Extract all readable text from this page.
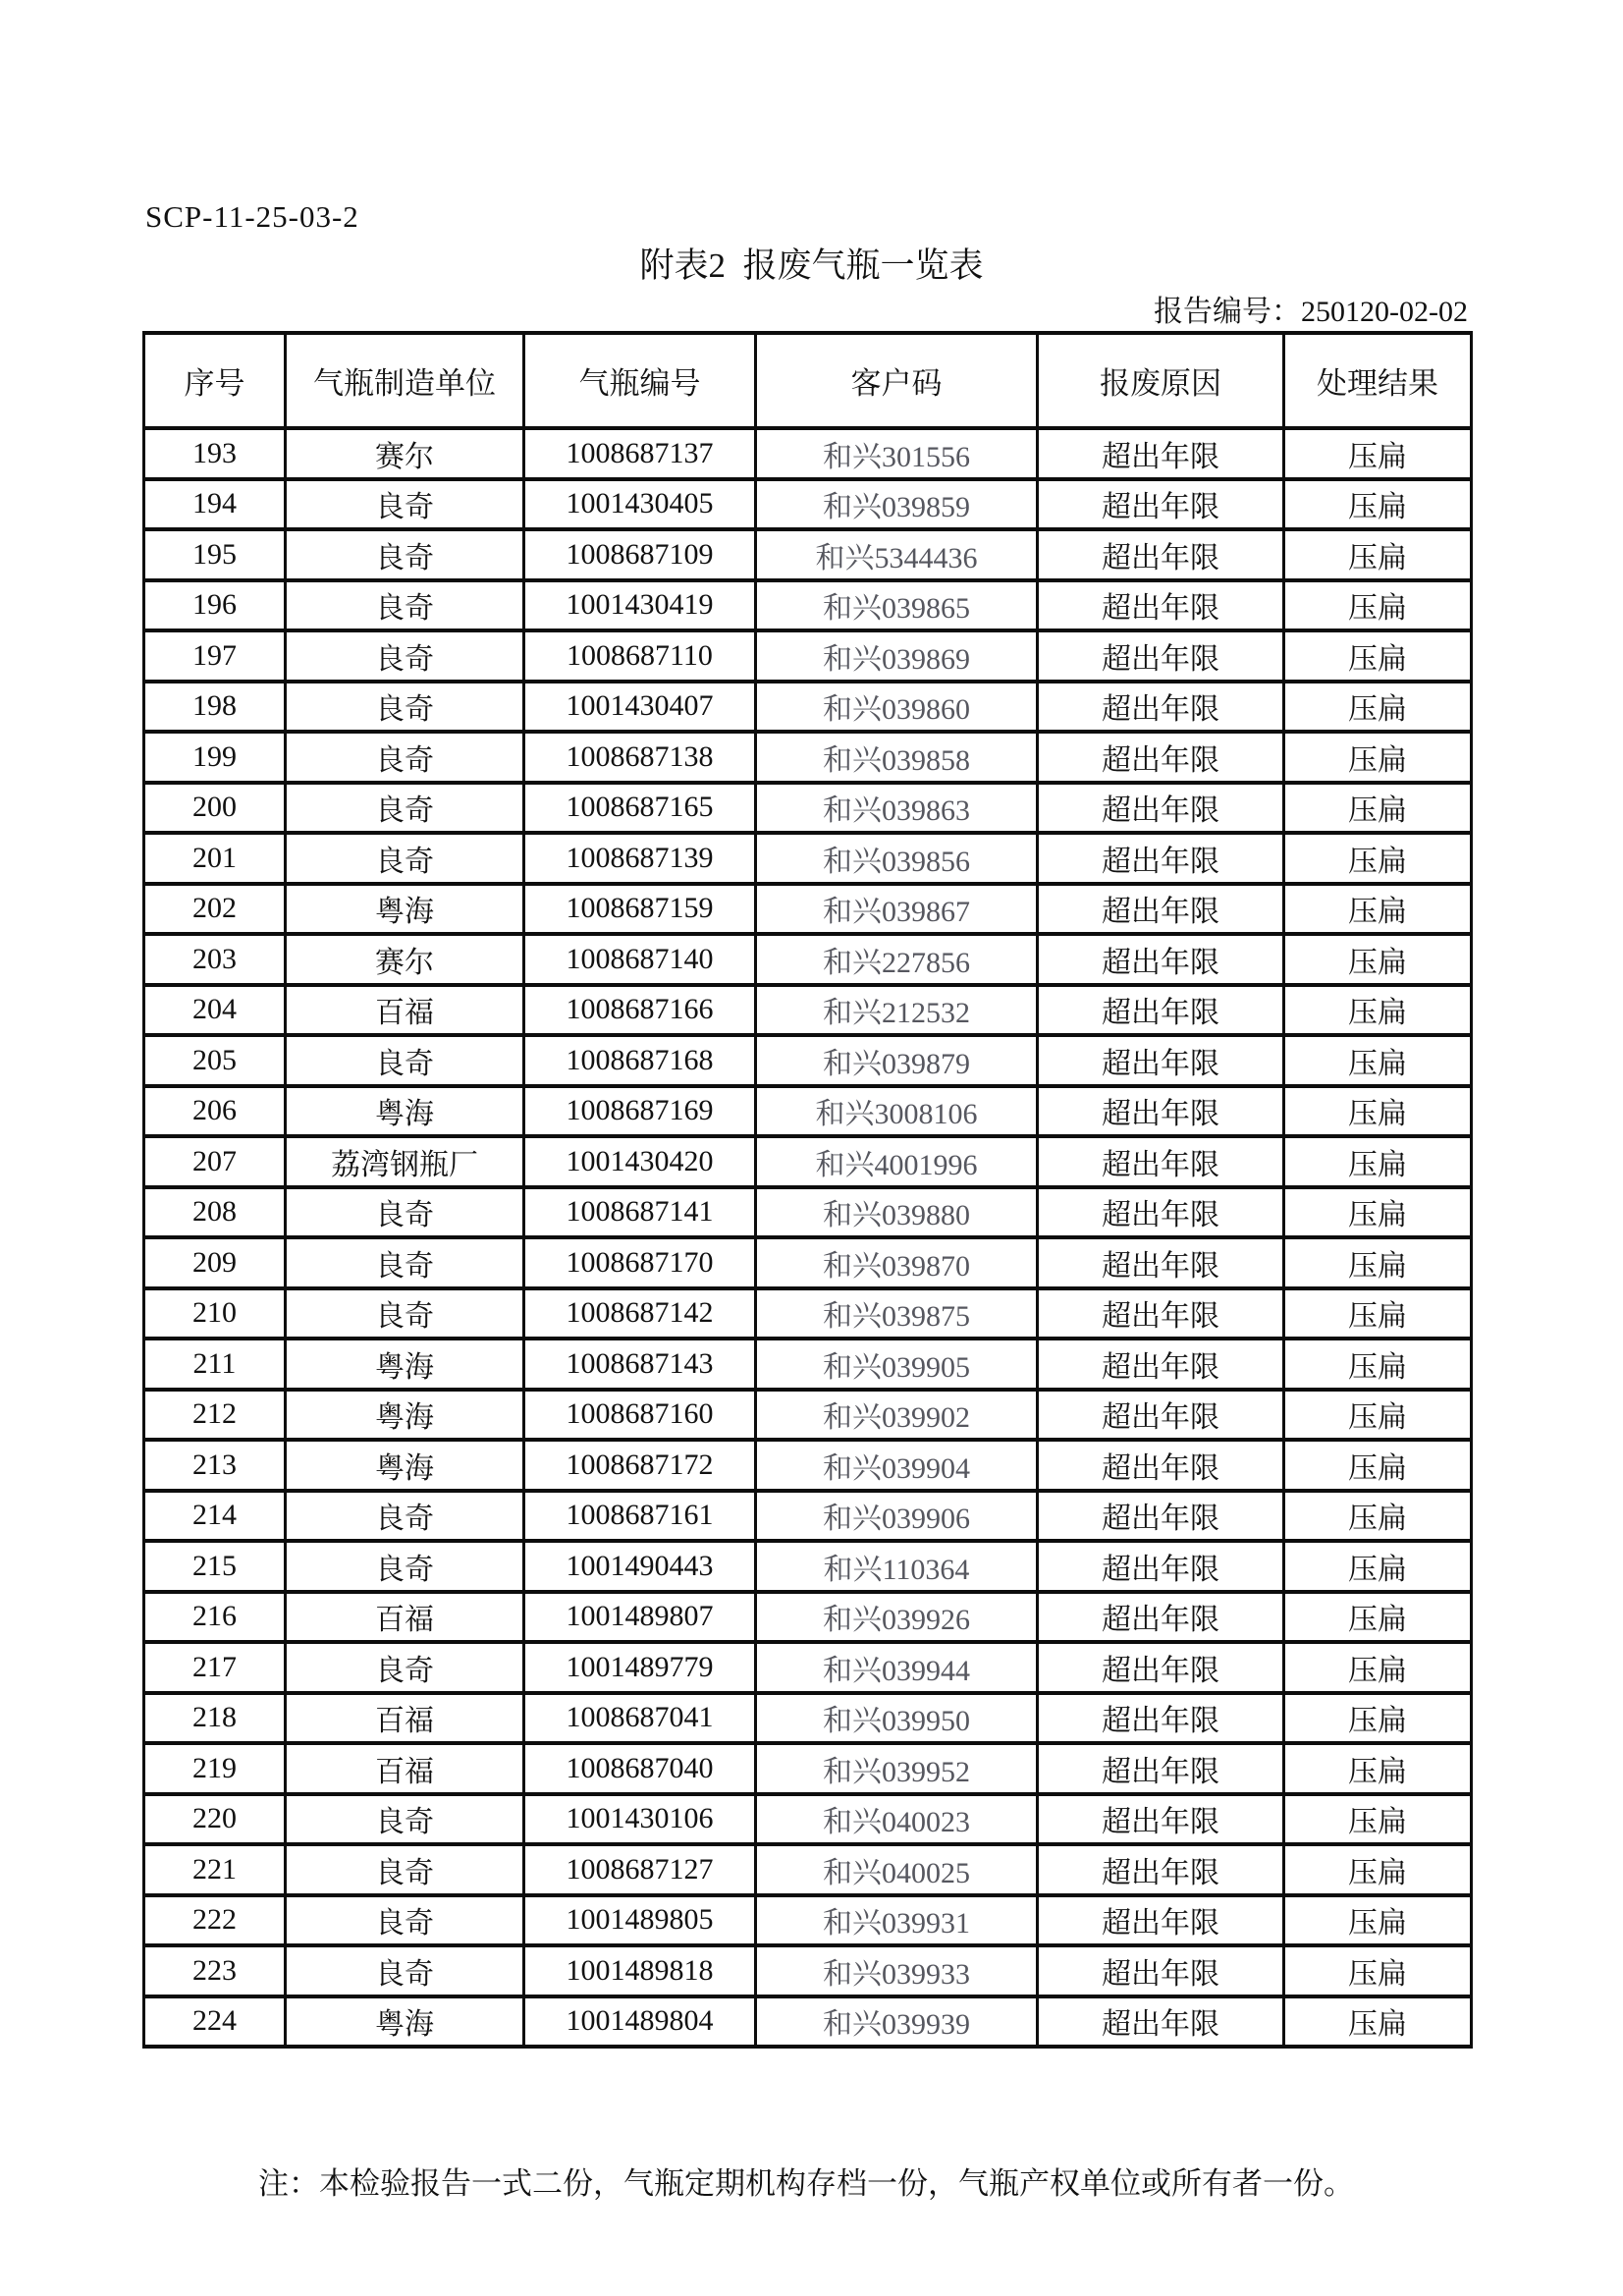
SCP-11-25-03-2
附表2  报废气瓶一览表
报告编号：250120-02-02
序号	气瓶制造单位	气瓶编号	客户码	报废原因	处理结果
193	赛尔	1008687137	和兴301556	超出年限	压扁
194	良奇	1001430405	和兴039859	超出年限	压扁
195	良奇	1008687109	和兴5344436	超出年限	压扁
196	良奇	1001430419	和兴039865	超出年限	压扁
197	良奇	1008687110	和兴039869	超出年限	压扁
198	良奇	1001430407	和兴039860	超出年限	压扁
199	良奇	1008687138	和兴039858	超出年限	压扁
200	良奇	1008687165	和兴039863	超出年限	压扁
201	良奇	1008687139	和兴039856	超出年限	压扁
202	粤海	1008687159	和兴039867	超出年限	压扁
203	赛尔	1008687140	和兴227856	超出年限	压扁
204	百福	1008687166	和兴212532	超出年限	压扁
205	良奇	1008687168	和兴039879	超出年限	压扁
206	粤海	1008687169	和兴3008106	超出年限	压扁
207	荔湾钢瓶厂	1001430420	和兴4001996	超出年限	压扁
208	良奇	1008687141	和兴039880	超出年限	压扁
209	良奇	1008687170	和兴039870	超出年限	压扁
210	良奇	1008687142	和兴039875	超出年限	压扁
211	粤海	1008687143	和兴039905	超出年限	压扁
212	粤海	1008687160	和兴039902	超出年限	压扁
213	粤海	1008687172	和兴039904	超出年限	压扁
214	良奇	1008687161	和兴039906	超出年限	压扁
215	良奇	1001490443	和兴110364	超出年限	压扁
216	百福	1001489807	和兴039926	超出年限	压扁
217	良奇	1001489779	和兴039944	超出年限	压扁
218	百福	1008687041	和兴039950	超出年限	压扁
219	百福	1008687040	和兴039952	超出年限	压扁
220	良奇	1001430106	和兴040023	超出年限	压扁
221	良奇	1008687127	和兴040025	超出年限	压扁
222	良奇	1001489805	和兴039931	超出年限	压扁
223	良奇	1001489818	和兴039933	超出年限	压扁
224	粤海	1001489804	和兴039939	超出年限	压扁
注：本检验报告一式二份，气瓶定期机构存档一份，气瓶产权单位或所有者一份。
